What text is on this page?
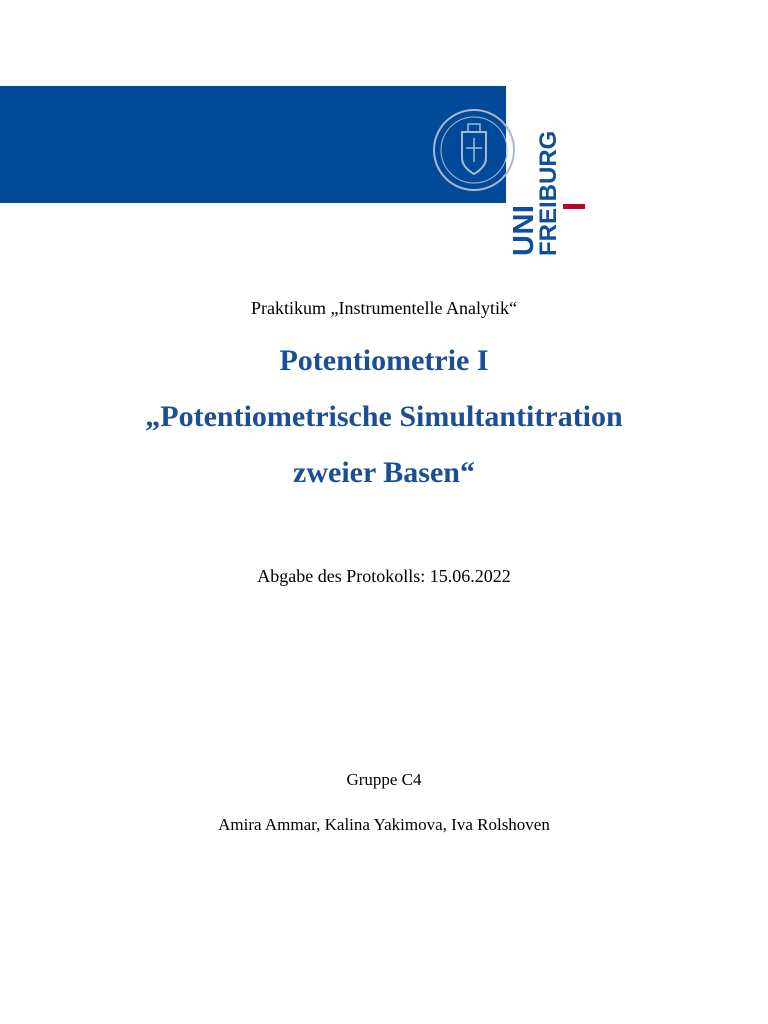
UNI
FREIBURG
Praktikum „Instrumentelle Analytik“
Potentiometrie I
„Potentiometrische Simultantitration
zweier Basen“
Abgabe des Protokolls: 15.06.2022
Gruppe C4
Amira Ammar, Kalina Yakimova, Iva Rolshoven
